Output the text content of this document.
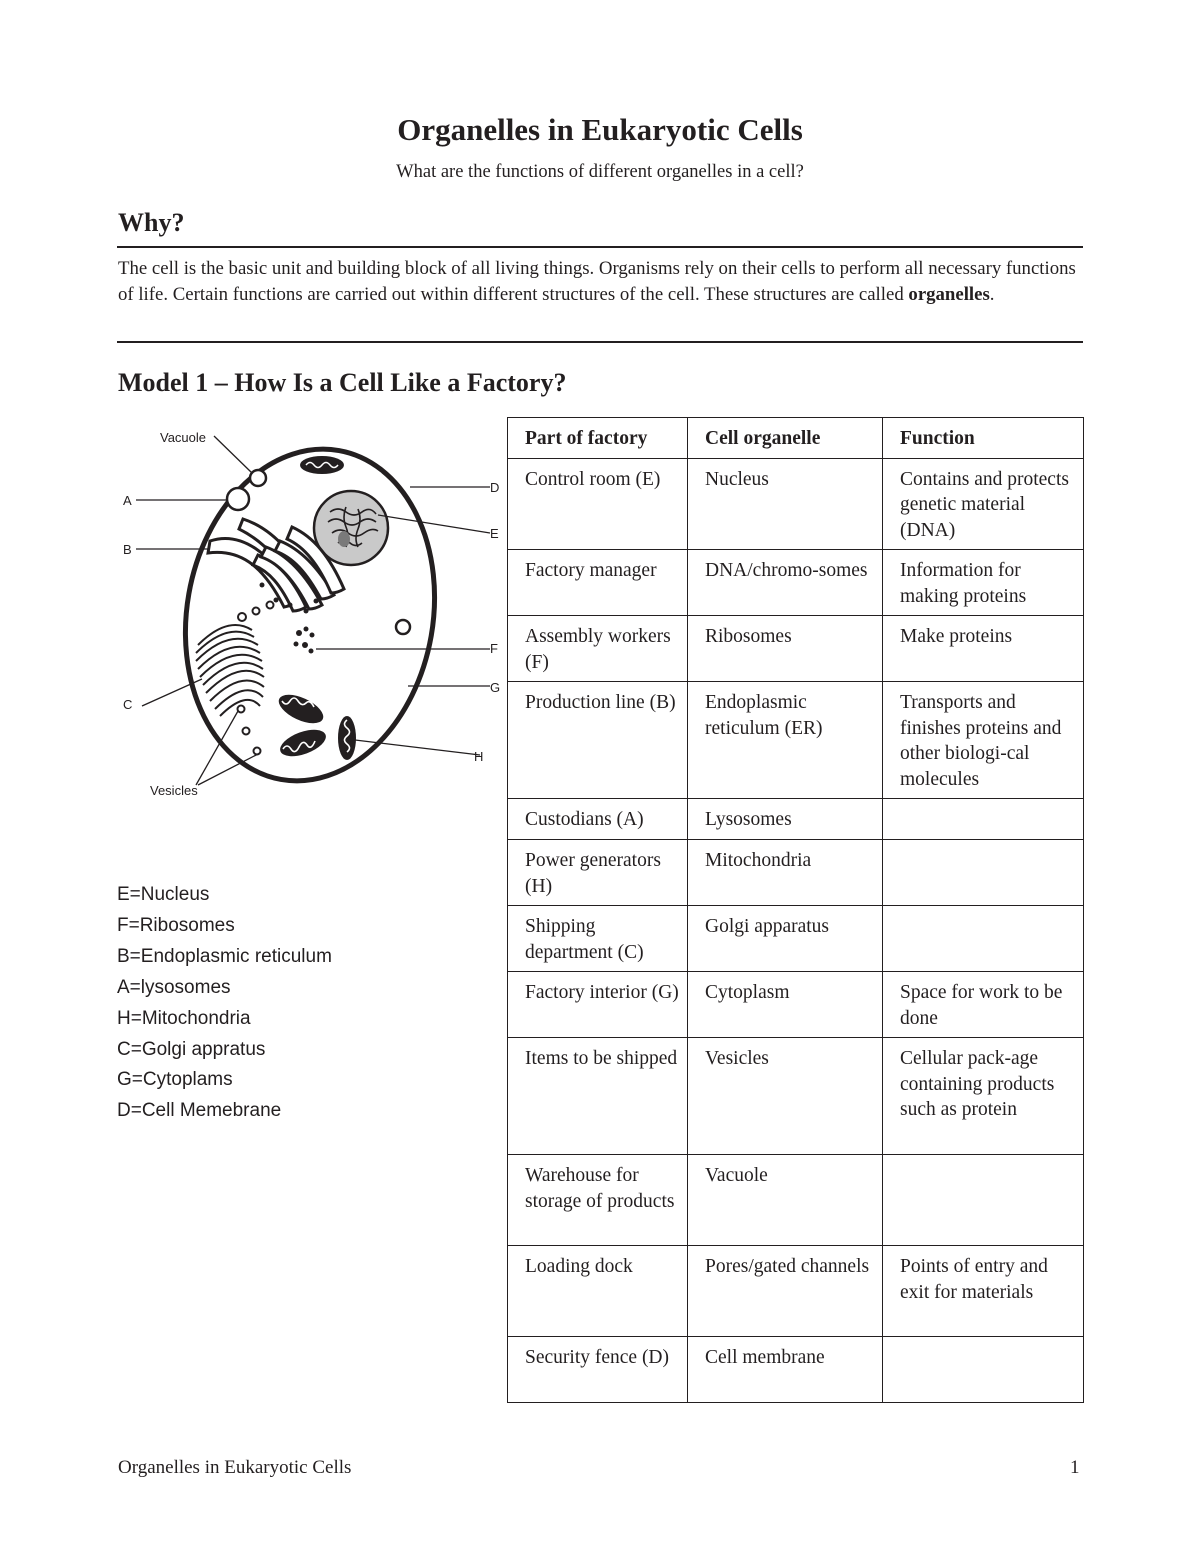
Organelles in Eukaryotic Cells
What are the functions of different organelles in a cell?
Why?

The cell is the basic unit and building block of all living things. Organisms rely on their cells to perform all necessary functions of life. Certain functions are carried out within different structures of the cell. These structures are called organelles.

Model 1 – How Is a Cell Like a Factory?
Vacuole
A
B
C
D
E
F
G
H
Vesicles
E=Nucleus
F=Ribosomes
B=Endoplasmic reticulum
A=lysosomes
H=Mitochondria
C=Golgi appratus
G=Cytoplams
D=Cell Memebrane
Part of factory	Cell organelle	Function
Control room (E)	Nucleus	Contains and protects genetic material (DNA)
Factory manager	DNA/chromo-somes	Information for making proteins
Assembly workers (F)	Ribosomes	Make proteins
Production line (B)	Endoplasmic reticulum (ER)	Transports and finishes proteins and other biologi-cal molecules
Custodians (A)	Lysosomes	
Power generators (H)	Mitochondria	
Shipping department (C)	Golgi apparatus	
Factory interior (G)	Cytoplasm	Space for work to be done
Items to be shipped	Vesicles	Cellular pack-age containing products such as protein
Warehouse for storage of products	Vacuole	
Loading dock	Pores/gated channels	Points of entry and exit for materials
Security fence (D)	Cell membrane	
Organelles in Eukaryotic Cells	1
